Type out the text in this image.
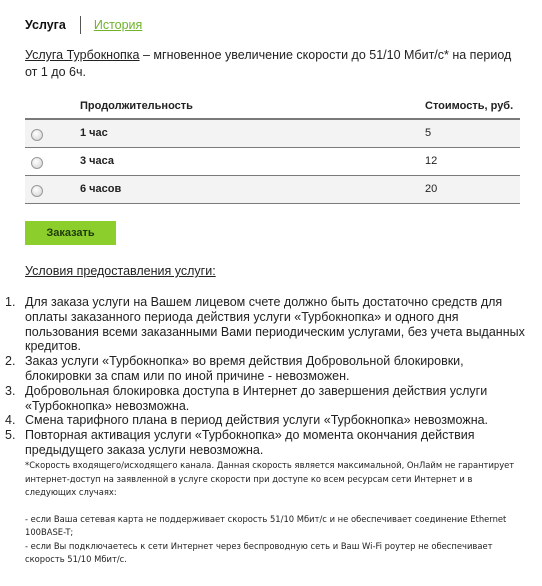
Услуга История
Услуга Турбокнопка – мгновенное увеличение скорости до 51/10 Мбит/с* на период от 1 до 6ч.
Продолжительность	Стоимость, руб.
1 час	5
3 часа	12
6 часов	20
Заказать
Условия предоставления услуги:
1. Для заказа услуги на Вашем лицевом счете должно быть достаточно средств для оплаты заказанного периода действия услуги «Турбокнопка» и одного дня пользования всеми заказанными Вами периодическим услугами, без учета выданных кредитов.
2. Заказ услуги «Турбокнопка» во время действия Добровольной блокировки, блокировки за спам или по иной причине - невозможен.
3. Добровольная блокировка доступа в Интернет до завершения действия услуги «Турбокнопка» невозможна.
4. Смена тарифного плана в период действия услуги «Турбокнопка» невозможна.
5. Повторная активация услуги «Турбокнопка» до момента окончания действия предыдущего заказа услуги невозможна.
*Скорость входящего/исходящего канала. Данная скорость является максимальной, ОнЛайм не гарантирует интернет-доступ на заявленной в услуге скорости при доступе ко всем ресурсам сети Интернет и в следующих случаях:
- если Ваша сетевая карта не поддерживает скорость 51/10 Мбит/с и не обеспечивает соединение Ethernet 100BASE-T;
- если Вы подключаетесь к сети Интернет через беспроводную сеть и Ваш Wi-Fi роутер не обеспечивает скорость 51/10 Мбит/с.
